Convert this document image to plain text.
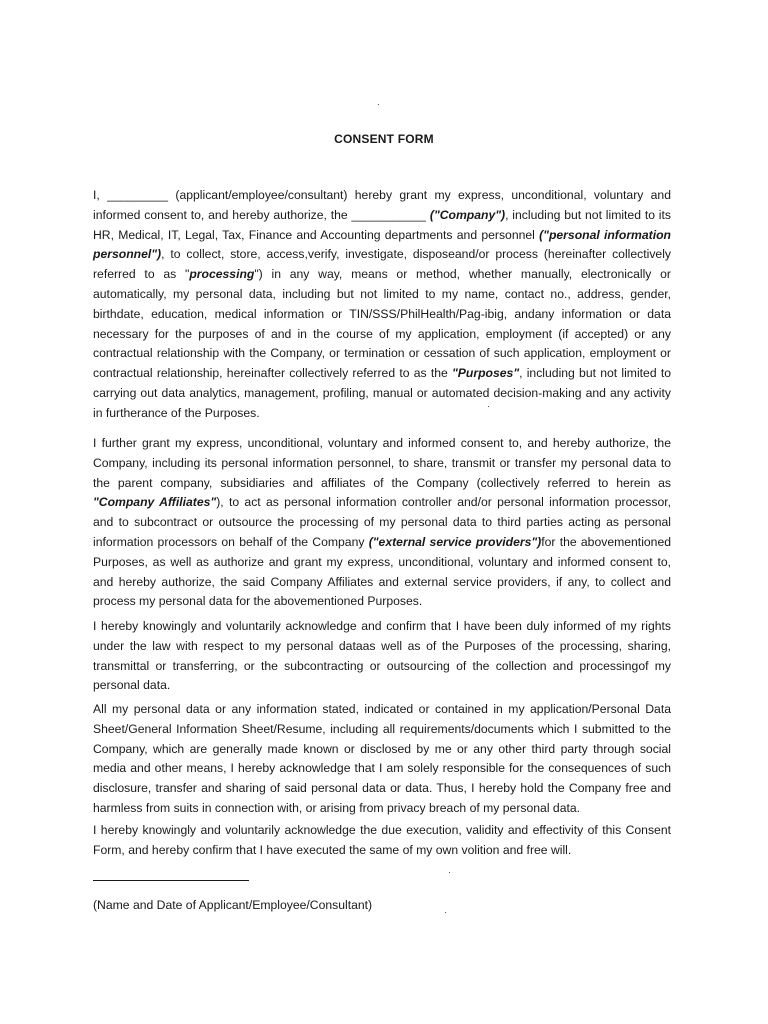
CONSENT FORM

I, _________ (applicant/employee/consultant) hereby grant my express, unconditional, voluntary and informed consent to, and hereby authorize, the ___________ ("Company"), including but not limited to its HR, Medical, IT, Legal, Tax, Finance and Accounting departments and personnel ("personal information personnel"), to collect, store, access,verify, investigate, disposeand/or process (hereinafter collectively referred to as "processing") in any way, means or method, whether manually, electronically or automatically, my personal data, including but not limited to my name, contact no., address, gender, birthdate, education, medical information or TIN/SSS/PhilHealth/Pag-ibig, andany information or data necessary for the purposes of and in the course of my application, employment (if accepted) or any contractual relationship with the Company, or termination or cessation of such application, employment or contractual relationship, hereinafter collectively referred to as the "Purposes", including but not limited to carrying out data analytics, management, profiling, manual or automated decision-making and any activity in furtherance of the Purposes.

I further grant my express, unconditional, voluntary and informed consent to, and hereby authorize, the Company, including its personal information personnel, to share, transmit or transfer my personal data to the parent company, subsidiaries and affiliates of the Company (collectively referred to herein as "Company Affiliates"), to act as personal information controller and/or personal information processor, and to subcontract or outsource the processing of my personal data to third parties acting as personal information processors on behalf of the Company ("external service providers")for the abovementioned Purposes, as well as authorize and grant my express, unconditional, voluntary and informed consent to, and hereby authorize, the said Company Affiliates and external service providers, if any, to collect and process my personal data for the abovementioned Purposes.

I hereby knowingly and voluntarily acknowledge and confirm that I have been duly informed of my rights under the law with respect to my personal dataas well as of the Purposes of the processing, sharing, transmittal or transferring, or the subcontracting or outsourcing of the collection and processingof my personal data.

All my personal data or any information stated, indicated or contained in my application/Personal Data Sheet/General Information Sheet/Resume, including all requirements/documents which I submitted to the Company, which are generally made known or disclosed by me or any other third party through social media and other means, I hereby acknowledge that I am solely responsible for the consequences of such disclosure, transfer and sharing of said personal data or data. Thus, I hereby hold the Company free and harmless from suits in connection with, or arising from privacy breach of my personal data.

I hereby knowingly and voluntarily acknowledge the due execution, validity and effectivity of this Consent Form, and hereby confirm that I have executed the same of my own volition and free will.

(Name and Date of Applicant/Employee/Consultant)
